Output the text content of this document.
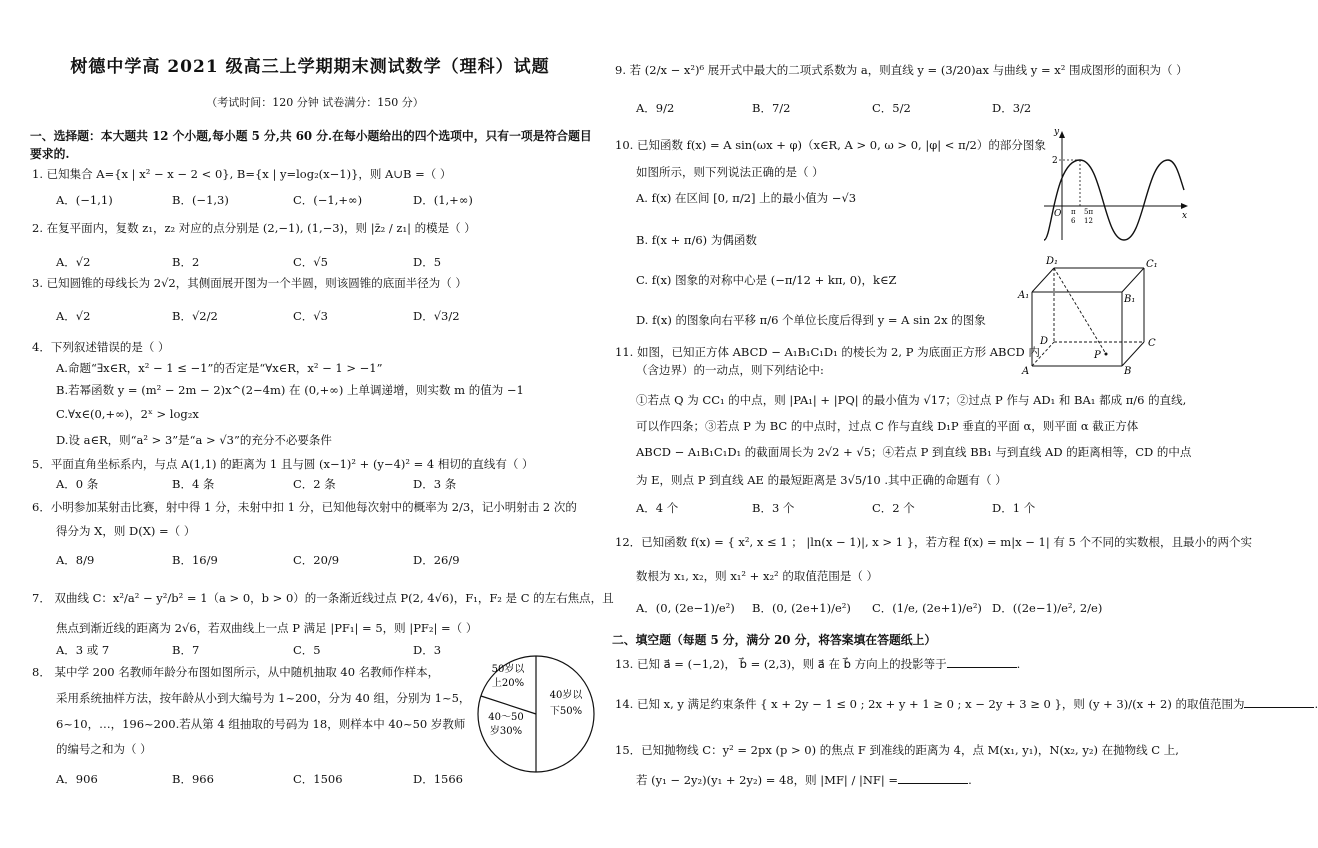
树德中学高 2021 级高三上学期期末测试数学（理科）试题
（考试时间：120 分钟 试卷满分：150 分）
一、选择题：本大题共 12 个小题,每小题 5 分,共 60 分.在每小题给出的四个选项中，只有一项是符合题目
要求的.
1. 已知集合 A={x | x² − x − 2 < 0}, B={x | y=log₂(x−1)}，则 A∪B =（ ）
A．(−1,1)	B．(−1,3)	C．(−1,+∞)	D．(1,+∞)
2. 在复平面内，复数 z₁，z₂ 对应的点分别是 (2,−1), (1,−3)，则 |z̄₂ / z₁| 的模是（ ）
A．√2	B．2	C．√5	D．5
3. 已知圆锥的母线长为 2√2，其侧面展开图为一个半圆，则该圆锥的底面半径为（ ）
A．√2	B．√2/2	C．√3	D．√3/2
4．下列叙述错误的是（ ）
A.命题“∃x∈R，x² − 1 ≤ −1”的否定是“∀x∈R，x² − 1 > −1”
B.若幂函数 y = (m² − 2m − 2)x^(2−4m) 在 (0,+∞) 上单调递增，则实数 m 的值为 −1
C.∀x∈(0,+∞)，2ˣ > log₂x
D.设 a∈R，则“a² > 3”是“a > √3”的充分不必要条件
5．平面直角坐标系内，与点 A(1,1) 的距离为 1 且与圆 (x−1)² + (y−4)² = 4 相切的直线有（ ）
A．0 条	B．4 条	C．2 条	D．3 条
6．小明参加某射击比赛，射中得 1 分，未射中扣 1 分，已知他每次射中的概率为 2/3，记小明射击 2 次的
得分为 X，则 D(X) =（ ）
A．8/9	B．16/9	C．20/9	D．26/9
7． 双曲线 C：x²/a² − y²/b² = 1（a > 0，b > 0）的一条渐近线过点 P(2, 4√6)，F₁，F₂ 是 C 的左右焦点，且
焦点到渐近线的距离为 2√6，若双曲线上一点 P 满足 |PF₁| = 5，则 |PF₂| =（ ）
A．3 或 7	B．7	C．5	D．3
8． 某中学 200 名教师年龄分布图如图所示，从中随机抽取 40 名教师作样本，
采用系统抽样方法，按年龄从小到大编号为 1~200，分为 40 组，分别为 1~5，
6~10，…，196~200.若从第 4 组抽取的号码为 18，则样本中 40~50 岁教师
的编号之和为（ ）
A．906	B．966	C．1506	D．1566
50岁以
上20%
40岁以
下50%
40～50
岁30%
9. 若 (2/x − x²)⁶ 展开式中最大的二项式系数为 a，则直线 y = (3/20)ax 与曲线 y = x² 围成图形的面积为（ ）
A．9/2	B．7/2	C．5/2	D．3/2
10. 已知函数 f(x) = A sin(ωx + φ)（x∈R, A > 0, ω > 0, |φ| < π/2）的部分图象
如图所示，则下列说法正确的是（ ）
A. f(x) 在区间 [0, π/2] 上的最小值为 −√3
B. f(x + π/6) 为偶函数
C. f(x) 图象的对称中心是 (−π/12 + kπ, 0)，k∈Z
D. f(x) 的图象向右平移 π/6 个单位长度后得到 y = A sin 2x 的图象
y
x
2
O π
6
5π
12
D₁	C₁
A₁	B₁
D	C
A	B
P
11. 如图，已知正方体 ABCD − A₁B₁C₁D₁ 的棱长为 2, P 为底面正方形 ABCD 内
（含边界）的一动点，则下列结论中:
①若点 Q 为 CC₁ 的中点，则 |PA₁| + |PQ| 的最小值为 √17；②过点 P 作与 AD₁ 和 BA₁ 都成 π/6 的直线,
可以作四条；③若点 P 为 BC 的中点时，过点 C 作与直线 D₁P 垂直的平面 α，则平面 α 截正方体
ABCD − A₁B₁C₁D₁ 的截面周长为 2√2 + √5；④若点 P 到直线 BB₁ 与到直线 AD 的距离相等，CD 的中点
为 E，则点 P 到直线 AE 的最短距离是 3√5/10 .其中正确的命题有（ ）
A．4 个	B．3 个	C．2 个	D．1 个
12．已知函数 f(x) = { x², x ≤ 1 ； |ln(x − 1)|, x > 1 }，若方程 f(x) = m|x − 1| 有 5 个不同的实数根，且最小的两个实
数根为 x₁, x₂，则 x₁² + x₂² 的取值范围是（ ）
A．(0, (2e−1)/e²) B．(0, (2e+1)/e²) C．(1/e, (2e+1)/e²) D．((2e−1)/e², 2/e)
二、填空题（每题 5 分，满分 20 分，将答案填在答题纸上）
13. 已知 a⃗ = (−1,2)， b⃗ = (2,3)，则 a⃗ 在 b⃗ 方向上的投影等于	.
14. 已知 x, y 满足约束条件 { x + 2y − 1 ≤ 0 ; 2x + y + 1 ≥ 0 ; x − 2y + 3 ≥ 0 }，则 (y + 3)/(x + 2) 的取值范围为	.
15．已知抛物线 C：y² = 2px (p > 0) 的焦点 F 到准线的距离为 4，点 M(x₁, y₁)，N(x₂, y₂) 在抛物线 C 上,
若 (y₁ − 2y₂)(y₁ + 2y₂) = 48，则 |MF| / |NF| =	.
